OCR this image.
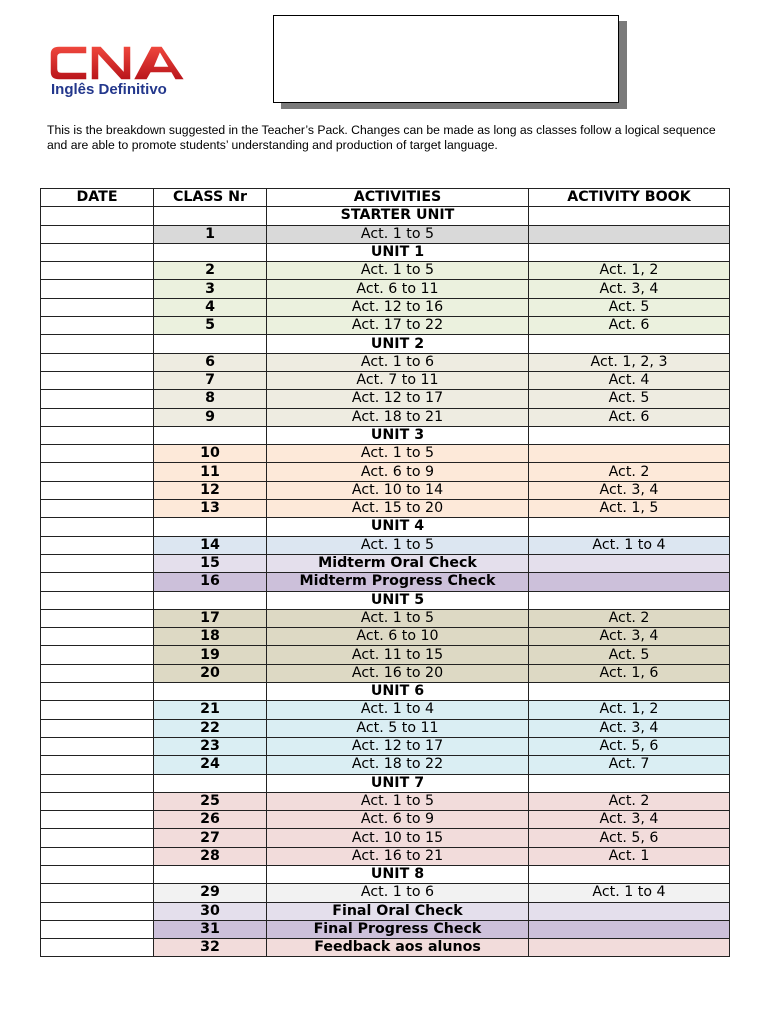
Inglês Definitivo
This is the breakdown suggested in the Teacher’s Pack. Changes can be made as long as classes follow a logical sequence and are able to promote students’ understanding and production of target language.
DATE	CLASS Nr	ACTIVITIES	ACTIVITY BOOK
		STARTER UNIT	
	1	Act. 1 to 5	
		UNIT 1	
	2	Act. 1 to 5	Act. 1, 2
	3	Act. 6 to 11	Act. 3, 4
	4	Act. 12 to 16	Act. 5
	5	Act. 17 to 22	Act. 6
		UNIT 2	
	6	Act. 1 to 6	Act. 1, 2, 3
	7	Act. 7 to 11	Act. 4
	8	Act. 12 to 17	Act. 5
	9	Act. 18 to 21	Act. 6
		UNIT 3	
	10	Act. 1 to 5	
	11	Act. 6 to 9	Act. 2
	12	Act. 10 to 14	Act. 3, 4
	13	Act. 15 to 20	Act. 1, 5
		UNIT 4	
	14	Act. 1 to 5	Act. 1 to 4
	15	Midterm Oral Check	
	16	Midterm Progress Check	
		UNIT 5	
	17	Act. 1 to 5	Act. 2
	18	Act. 6 to 10	Act. 3, 4
	19	Act. 11 to 15	Act. 5
	20	Act. 16 to 20	Act. 1, 6
		UNIT 6	
	21	Act. 1 to 4	Act. 1, 2
	22	Act. 5 to 11	Act. 3, 4
	23	Act. 12 to 17	Act. 5, 6
	24	Act. 18 to 22	Act. 7
		UNIT 7	
	25	Act. 1 to 5	Act. 2
	26	Act. 6 to 9	Act. 3, 4
	27	Act. 10 to 15	Act. 5, 6
	28	Act. 16 to 21	Act. 1
		UNIT 8	
	29	Act. 1 to 6	Act. 1 to 4
	30	Final Oral Check	
	31	Final Progress Check	
	32	Feedback aos alunos	
